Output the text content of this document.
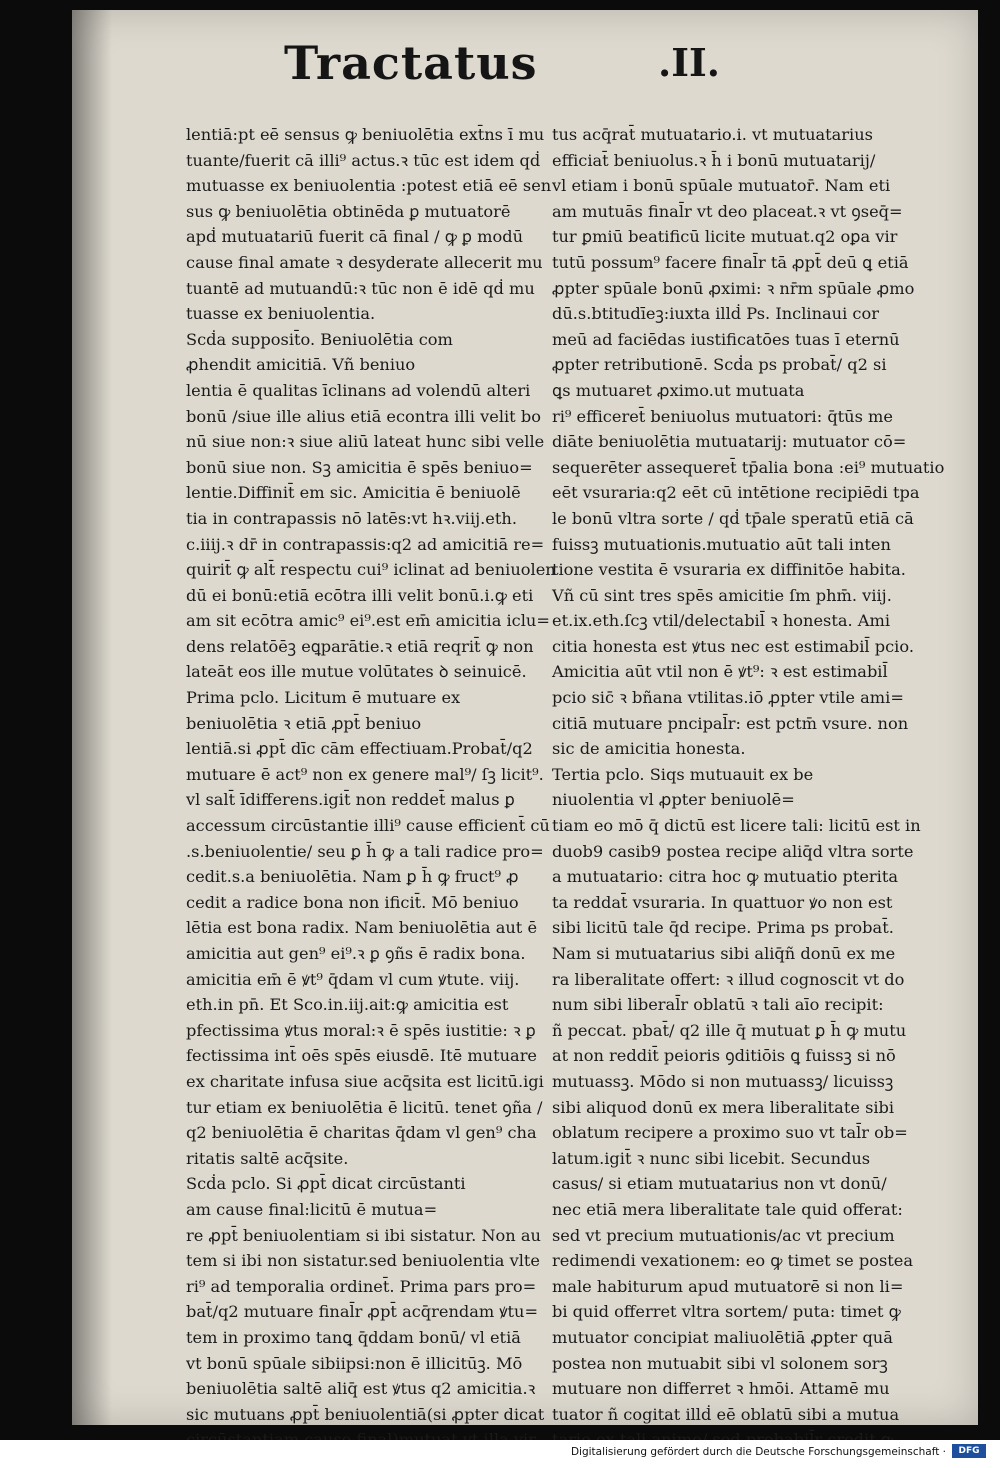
Tractatus	.II.
lentiā:pt eē sensus ꝙ beniuolētia ext̄ns ī mu
tuante/fuerit cā illi⁹ actus.ꝛ tūc est idem qḋ
mutuasse ex beniuolentia :potest etiā eē sen
sus ꝙ beniuolētia obtinēda ꝑ mutuatorē
apḋ mutuatariū fuerit cā final / ꝙ ꝑ modū
cause final amate ꝛ desyderate allecerit mu
tuantē ad mutuandū:ꝛ tūc non ē idē qḋ mu
tuasse ex beniuolentia.
Scḋa supposit̄o. Beniuolētia com
ꝓhendit amicitiā. Vñ beniuo
lentia ē qualitas īclinans ad volendū alteri
bonū /siue ille alius etiā econtra illi velit bo
nū siue non:ꝛ siue aliū lateat hunc sibi velle
bonū siue non. Sꝫ amicitia ē spēs beniuo=
lentie.Diffinit̄ em sic. Amicitia ē beniuolē
tia in contrapassis nō latēs:vt hꝛ.viij.eth.
c.iiij.ꝛ dr̄ in contrapassis:q2 ad amicitiā re=
quirit̄ ꝙ alt̄ respectu cui⁹ iclinat ad beniuolen
dū ei bonū:etiā ecōtra illi velit bonū.i.ꝙ eti
am sit ecōtra amic⁹ ei⁹.est em̄ amicitia iclu=
dens relatōēꝫ eꝗparātie.ꝛ etiā reqrit̄ ꝙ non
lateāt eos ille mutue volūtates ꝺ seinuicē.
Prima pclo. Licitum ē mutuare ex
beniuolētia ꝛ etiā ꝓpt̄ beniuo
lentiā.si ꝓpt̄ dīc cām effectiuam.Probat̄/q2
mutuare ē act⁹ non ex genere mal⁹/ ſꝫ licit⁹.
vl salt̄ īdifferens.igit̄ non reddet̄ malus ꝑ
accessum circūstantie illi⁹ cause efficient̄ cū
.s.beniuolentie/ seu ꝑ h̄ ꝙ a tali radice pro=
cedit.s.a beniuolētia. Nam ꝑ h̄ ꝙ fruct⁹ ꝓ
cedit a radice bona non ificit̄. Mō beniuo
lētia est bona radix. Nam beniuolētia aut ē
amicitia aut gen⁹ ei⁹.ꝛ ꝑ ꝯñs ē radix bona.
amicitia em̄ ē ꝟt⁹ q̄dam vl cum ꝟtute. viij.
eth.in pn̄. Et Sco.in.iij.ait:ꝙ amicitia est
pfectissima ꝟtus moral:ꝛ ē spēs iustitie: ꝛ ꝑ
fectissima int̄ oēs spēs eiusdē. Itē mutuare
ex charitate infusa siue acq̄sita est licitū.igi
tur etiam ex beniuolētia ē licitū. tenet ꝯña /
q2 beniuolētia ē charitas q̄dam vl gen⁹ cha
ritatis saltē acq̄site.
Scḋa pclo. Si ꝓpt̄ dicat circūstanti
am cause final:licitū ē mutua=
re ꝓpt̄ beniuolentiam si ibi sistatur. Non au
tem si ibi non sistatur.sed beniuolentia vlte
ri⁹ ad temporalia ordinet̄. Prima pars pro=
bat̄/q2 mutuare final̄r ꝓpt̄ acq̄rendam ꝟtu=
tem in proximo tanꝗ q̄ddam bonū/ vl etiā
vt bonū spūale sibiipsi:non ē illicitūꝫ. Mō
beniuolētia saltē aliq̄ est ꝟtus q2 amicitia.ꝛ
sic mutuans ꝓpt̄ beniuolentiā(si ꝓpter dicat
tus acq̄rat̄ mutuatario.i. vt mutuatarius
efficiat̄ beniuolus.ꝛ h̄ i bonū mutuatarij/
vl etiam i bonū spūale mutuator̄. Nam eti
am mutuās final̄r vt deo placeat.ꝛ vt ꝯseq̄=
tur ꝑmiū beatificū licite mutuat.q2 oꝑa vir
tutū possum⁹ facere final̄r tā ꝓpt̄ deū ꝗ etiā
ꝓpter spūale bonū ꝓximi: ꝛ nr̄m spūale ꝓmo
dū.s.btitudīeꝫ:iuxta illḋ Ps. Inclinaui cor
meū ad faciēdas iustificatōes tuas ī eternū
ꝓpter retributionē. Scḋa ps probat̄/ q2 si
ꝗs mutuaret ꝓximo.ut mutuata
ri⁹ efficeret̄ beniuolus mutuatori: q̄tūs me
diāte beniuolētia mutuatarij: mutuator cō=
sequerēter assequeret̄ tp̄alia bona :ei⁹ mutuatio
eēt vsuraria:q2 eēt cū intētione recipiēdi tpa
le bonū vltra sorte / qḋ tp̄ale speratū etiā cā
fuissꝫ mutuationis.mutuatio aūt tali inten
tione vestita ē vsuraria ex diffinitōe habita.
Vñ cū sint tres spēs amicitie ſm phm̄. viij.
et.ix.eth.ſcꝫ vtil/delectabil̄ ꝛ honesta. Ami
citia honesta est ꝟtus nec est estimabil̄ pcio.
Amicitia aūt vtil non ē ꝟt⁹: ꝛ est estimabil̄
pcio sic̄ ꝛ bñana vtilitas.iō ꝓpter vtile ami=
citiā mutuare pncipal̄r: est pctm̄ vsure. non
sic de amicitia honesta.
Tertia pclo. Siqs mutuauit ex be
niuolentia vl ꝓpter beniuolē=
tiam eo mō q̄ dictū est licere tali: licitū est in
duob9 casib9 postea recipe aliq̄d vltra sorte
a mutuatario: citra hoc ꝙ mutuatio pterita
ta reddat̄ vsuraria. In quattuor ꝟo non est
sibi licitū tale q̄d recipe. Prima ps probat̄.
Nam si mutuatarius sibi aliq̄ñ donū ex me
ra liberalitate offert: ꝛ illud cognoscit vt do
num sibi liberal̄r oblatū ꝛ tali aīo recipit:
ñ peccat. pbat̄/ q2 ille q̄ mutuat ꝑ h̄ ꝙ mutu
at non reddit̄ peioris ꝯditiōis ꝗ fuissꝫ si nō
mutuassꝫ. Mōdo si non mutuassꝫ/ licuissꝫ
sibi aliquod donū ex mera liberalitate sibi
oblatum recipere a proximo suo vt tal̄r ob=
latum.igit̄ ꝛ nunc sibi licebit. Secundus
casus/ si etiam mutuatarius non vt donū/
nec etiā mera liberalitate tale quid offerat:
sed vt precium mutuationis/ac vt precium
redimendi vexationem: eo ꝙ timet se postea
male habiturum apud mutuatorē si non li=
bi quid offerret vltra sortem/ puta: timet ꝙ
mutuator concipiat maliuolētiā ꝓpter quā
postea non mutuabit sibi vl solonem sorꝫ
mutuare non differret ꝛ hmōi. Attamē mu
tuator ñ cogitat illḋ eē oblatū sibi a mutua
Digitalisierung gefördert durch die Deutsche Forschungsgemeinschaft ·	DFG
